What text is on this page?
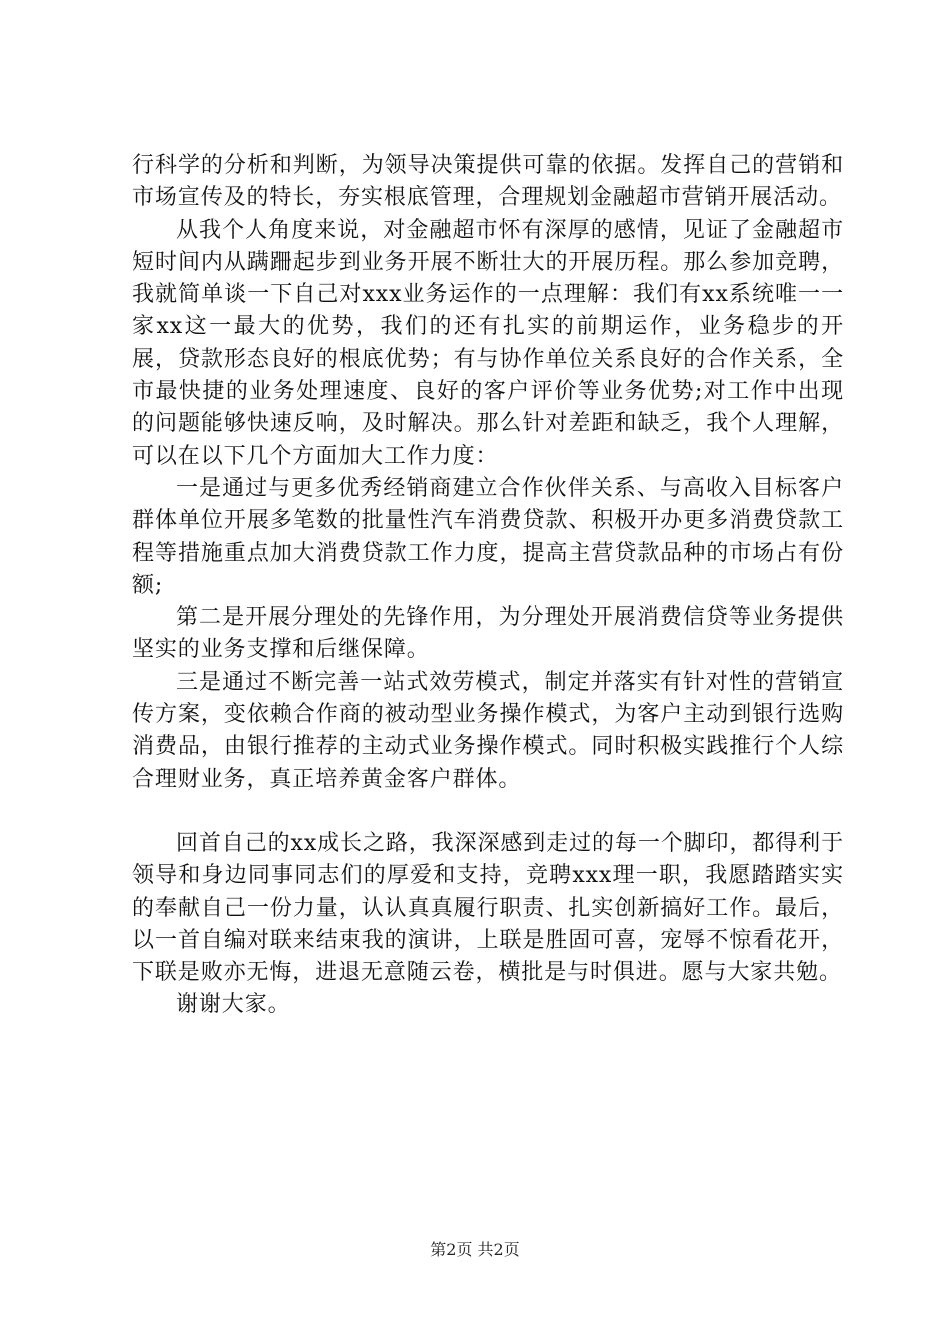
行科学的分析和判断，为领导决策提供可靠的依据。发挥自己的营销和市场宣传及的特长，夯实根底管理，合理规划金融超市营销开展活动。

从我个人角度来说，对金融超市怀有深厚的感情，见证了金融超市短时间内从蹒跚起步到业务开展不断壮大的开展历程。那么参加竞聘，我就简单谈一下自己对xxx业务运作的一点理解：我们有xx系统唯一一家xx这一最大的优势，我们的还有扎实的前期运作，业务稳步的开展，贷款形态良好的根底优势；有与协作单位关系良好的合作关系，全市最快捷的业务处理速度、良好的客户评价等业务优势;对工作中出现的问题能够快速反响，及时解决。那么针对差距和缺乏，我个人理解，可以在以下几个方面加大工作力度：

一是通过与更多优秀经销商建立合作伙伴关系、与高收入目标客户群体单位开展多笔数的批量性汽车消费贷款、积极开办更多消费贷款工程等措施重点加大消费贷款工作力度，提高主营贷款品种的市场占有份额;

第二是开展分理处的先锋作用，为分理处开展消费信贷等业务提供坚实的业务支撑和后继保障。

三是通过不断完善一站式效劳模式，制定并落实有针对性的营销宣传方案，变依赖合作商的被动型业务操作模式，为客户主动到银行选购消费品，由银行推荐的主动式业务操作模式。同时积极实践推行个人综合理财业务，真正培养黄金客户群体。

回首自己的xx成长之路，我深深感到走过的每一个脚印，都得利于领导和身边同事同志们的厚爱和支持，竞聘xxx理一职，我愿踏踏实实的奉献自己一份力量，认认真真履行职责、扎实创新搞好工作。最后，以一首自编对联来结束我的演讲，上联是胜固可喜，宠辱不惊看花开，下联是败亦无悔，进退无意随云卷，横批是与时俱进。愿与大家共勉。

谢谢大家。

第2页 共2页
